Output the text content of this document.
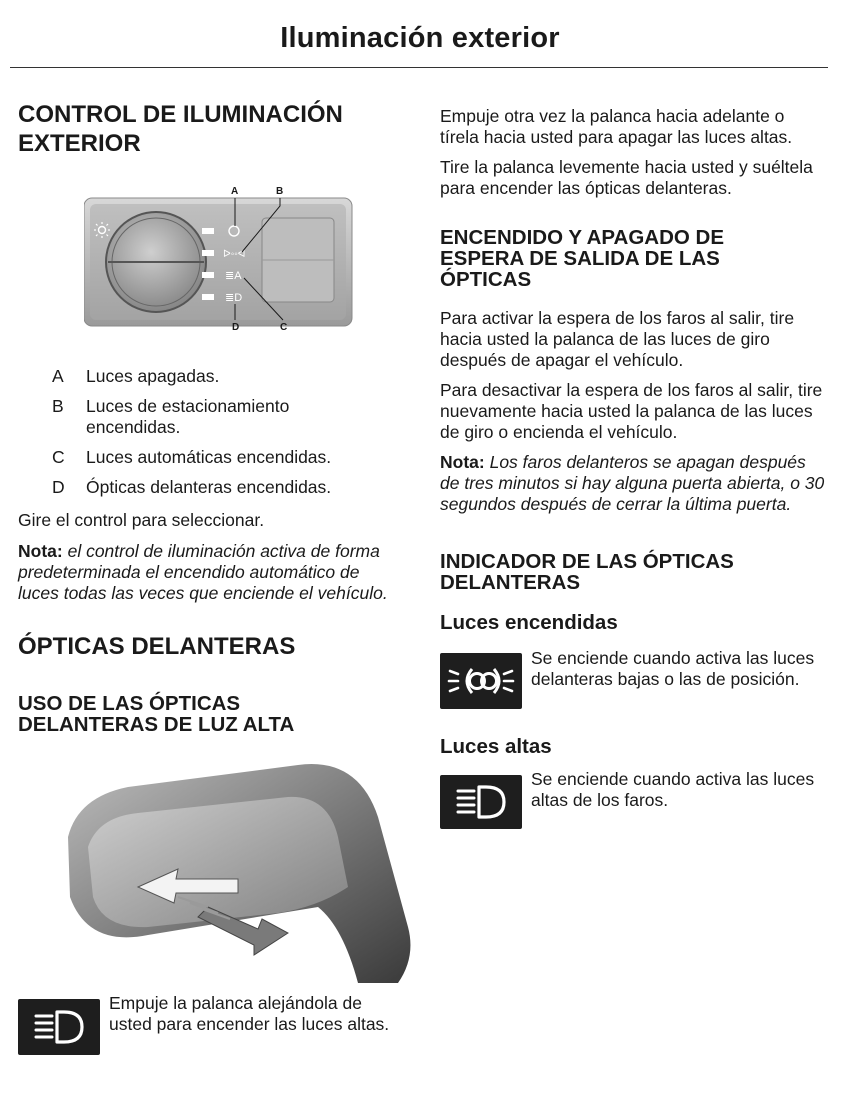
Iluminación exterior
CONTROL DE ILUMINACIÓN EXTERIOR
ᐅ◦◦ᐊ
≣A
≣D
A	B
C
D
A	Luces apagadas.
B	Luces de estacionamiento encendidas.
C	Luces automáticas encendidas.
D	Ópticas delanteras encendidas.

Gire el control para seleccionar.

Nota: el control de iluminación activa de forma predeterminada el encendido automático de luces todas las veces que enciende el vehículo.

ÓPTICAS DELANTERAS
USO DE LAS ÓPTICAS DELANTERAS DE LUZ ALTA
Empuje la palanca alejándola de usted para encender las luces altas.

Empuje otra vez la palanca hacia adelante o tírela hacia usted para apagar las luces altas.

Tire la palanca levemente hacia usted y suéltela para encender las ópticas delanteras.

ENCENDIDO Y APAGADO DE ESPERA DE SALIDA DE LAS ÓPTICAS

Para activar la espera de los faros al salir, tire hacia usted la palanca de las luces de giro después de apagar el vehículo.

Para desactivar la espera de los faros al salir, tire nuevamente hacia usted la palanca de las luces de giro o encienda el vehículo.

Nota: Los faros delanteros se apagan después de tres minutos si hay alguna puerta abierta, o 30 segundos después de cerrar la última puerta.

INDICADOR DE LAS ÓPTICAS DELANTERAS
Luces encendidas
Se enciende cuando activa las luces delanteras bajas o las de posición.
Luces altas
Se enciende cuando activa las luces altas de los faros.
